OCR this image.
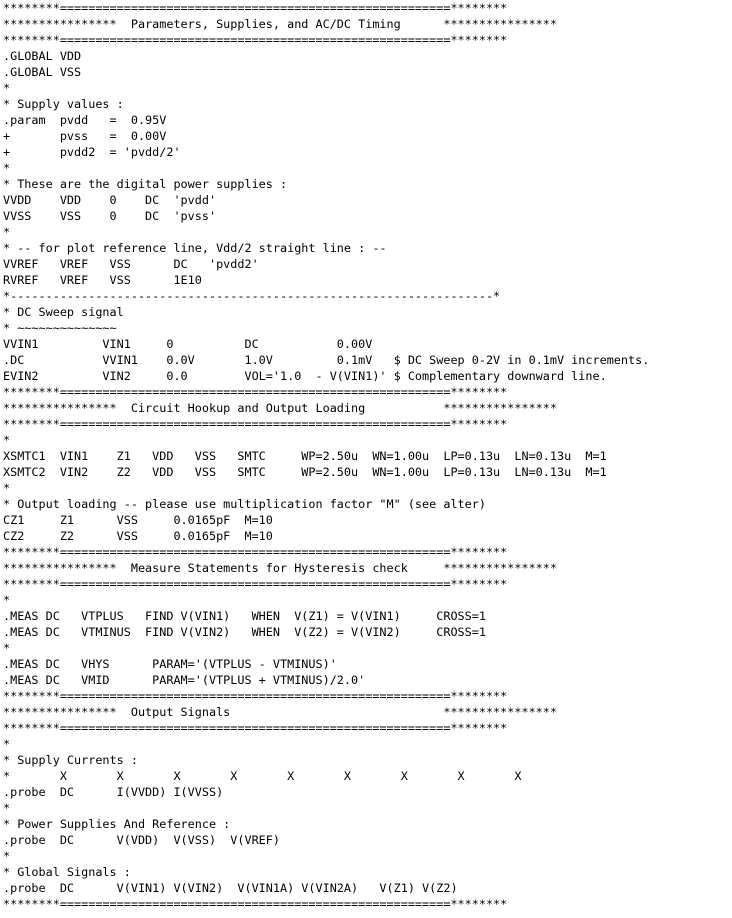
********=======================================================********
****************  Parameters, Supplies, and AC/DC Timing      ****************
********=======================================================********
.GLOBAL VDD
.GLOBAL VSS
*
* Supply values :
.param  pvdd   =  0.95V
+       pvss   =  0.00V
+       pvdd2  = 'pvdd/2'
*
* These are the digital power supplies :
VVDD    VDD    0    DC  'pvdd'
VVSS    VSS    0    DC  'pvss'
*
* -- for plot reference line, Vdd/2 straight line : --
VVREF   VREF   VSS      DC   'pvdd2'
RVREF   VREF   VSS      1E10
*--------------------------------------------------------------------*
* DC Sweep signal
* ~~~~~~~~~~~~~~
VVIN1         VIN1     0          DC           0.00V
.DC           VVIN1    0.0V       1.0V         0.1mV   $ DC Sweep 0-2V in 0.1mV increments.
EVIN2         VIN2     0.0        VOL='1.0  - V(VIN1)' $ Complementary downward line.
********=======================================================********
****************  Circuit Hookup and Output Loading           ****************
********=======================================================********
*
XSMTC1  VIN1    Z1   VDD   VSS   SMTC     WP=2.50u  WN=1.00u  LP=0.13u  LN=0.13u  M=1
XSMTC2  VIN2    Z2   VDD   VSS   SMTC     WP=2.50u  WN=1.00u  LP=0.13u  LN=0.13u  M=1
*
* Output loading -- please use multiplication factor "M" (see alter)
CZ1     Z1      VSS     0.0165pF  M=10
CZ2     Z2      VSS     0.0165pF  M=10
********=======================================================********
****************  Measure Statements for Hysteresis check     ****************
********=======================================================********
*
.MEAS DC   VTPLUS   FIND V(VIN1)   WHEN  V(Z1) = V(VIN1)     CROSS=1
.MEAS DC   VTMINUS  FIND V(VIN2)   WHEN  V(Z2) = V(VIN2)     CROSS=1
*
.MEAS DC   VHYS      PARAM='(VTPLUS - VTMINUS)'
.MEAS DC   VMID      PARAM='(VTPLUS + VTMINUS)/2.0'
********=======================================================********
****************  Output Signals                              ****************
********=======================================================********
*
* Supply Currents :
*       X       X       X       X       X       X       X       X       X
.probe  DC      I(VVDD) I(VVSS)
*
* Power Supplies And Reference :
.probe  DC      V(VDD)  V(VSS)  V(VREF)
*
* Global Signals :
.probe  DC      V(VIN1) V(VIN2)  V(VIN1A) V(VIN2A)   V(Z1) V(Z2)
********=======================================================********
